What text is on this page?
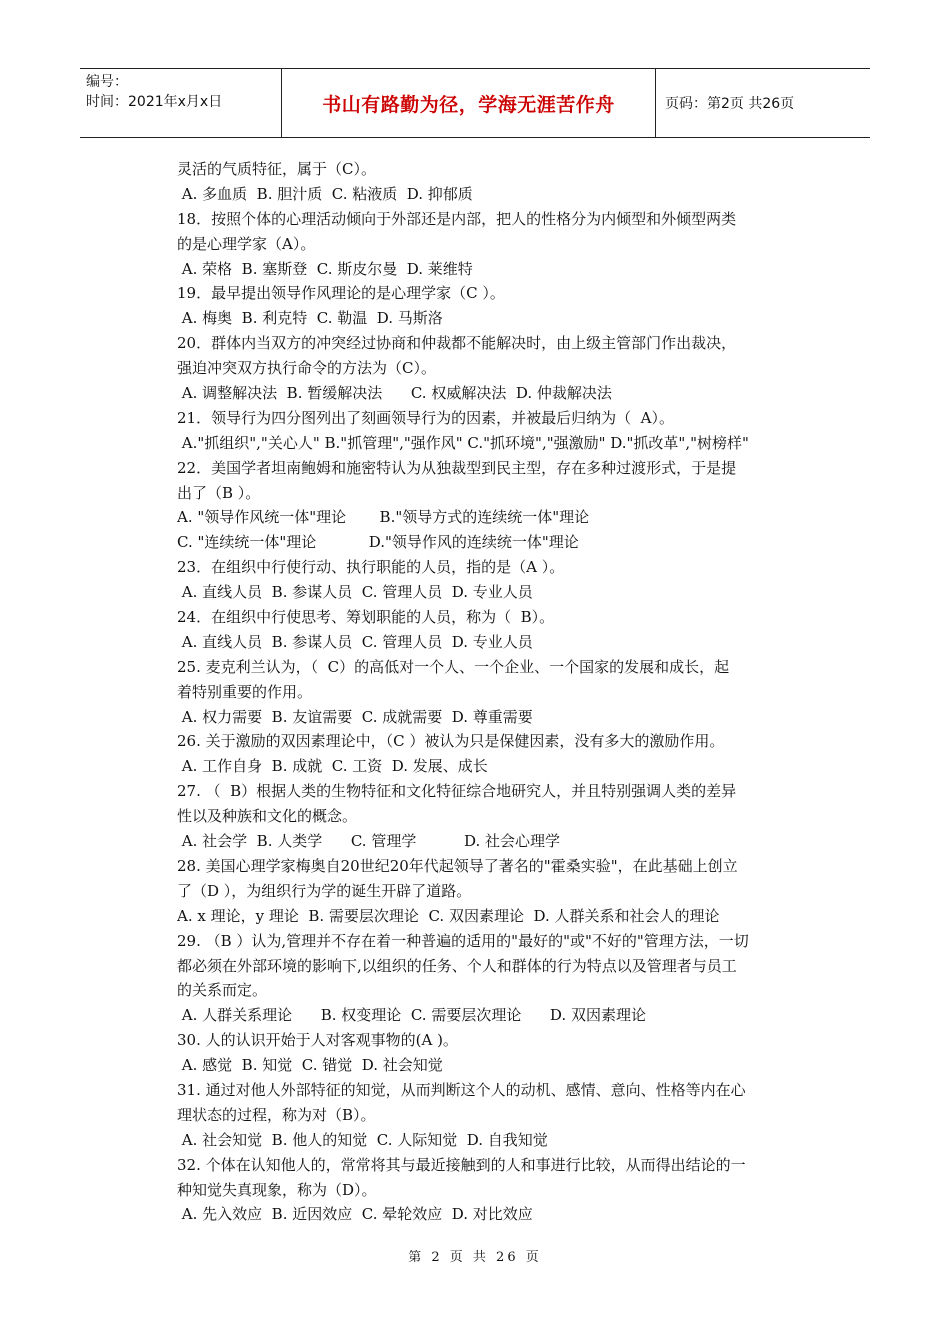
编号：
时间：2021年x月x日	书山有路勤为径，学海无涯苦作舟	页码：第2页 共26页
灵活的气质特征，属于（C）。
A. 多血质  B. 胆汁质  C. 粘液质  D. 抑郁质
18．按照个体的心理活动倾向于外部还是内部，把人的性格分为内倾型和外倾型两类
的是心理学家（A）。
A. 荣格  B. 塞斯登  C. 斯皮尔曼  D. 莱维特
19．最早提出领导作风理论的是心理学家（C ）。
A. 梅奥  B. 利克特  C. 勒温  D. 马斯洛
20．群体内当双方的冲突经过协商和仲裁都不能解决时，由上级主管部门作出裁决，
强迫冲突双方执行命令的方法为（C）。
A. 调整解决法  B. 暂缓解决法      C. 权威解决法  D. 仲裁解决法
21．领导行为四分图列出了刻画领导行为的因素，并被最后归纳为（  A）。
A."抓组织","关心人" B."抓管理","强作风" C."抓环境","强激励" D."抓改革","树榜样"
22．美国学者坦南鲍姆和施密特认为从独裁型到民主型，存在多种过渡形式，于是提
出了（B ）。
A. "领导作风统一体"理论       B."领导方式的连续统一体"理论
C. "连续统一体"理论           D."领导作风的连续统一体"理论
23．在组织中行使行动、执行职能的人员，指的是（A ）。
A. 直线人员  B. 参谋人员  C. 管理人员  D. 专业人员
24．在组织中行使思考、筹划职能的人员，称为（  B）。
A. 直线人员  B. 参谋人员  C. 管理人员  D. 专业人员
25. 麦克利兰认为，（  C）的高低对一个人、一个企业、一个国家的发展和成长，起
着特别重要的作用。
A. 权力需要  B. 友谊需要  C. 成就需要  D. 尊重需要
26. 关于激励的双因素理论中，（C ）被认为只是保健因素，没有多大的激励作用。
A. 工作自身  B. 成就  C. 工资  D. 发展、成长
27. （  B）根据人类的生物特征和文化特征综合地研究人，并且特别强调人类的差异
性以及种族和文化的概念。
A. 社会学  B. 人类学      C. 管理学          D. 社会心理学
28. 美国心理学家梅奥自20世纪20年代起领导了著名的"霍桑实验"，在此基础上创立
了（D ），为组织行为学的诞生开辟了道路。
A. x 理论，y 理论  B. 需要层次理论  C. 双因素理论  D. 人群关系和社会人的理论
29. （B ）认为,管理并不存在着一种普遍的适用的"最好的"或"不好的"管理方法，一切
都必须在外部环境的影响下,以组织的任务、个人和群体的行为特点以及管理者与员工
的关系而定。
A. 人群关系理论      B. 权变理论  C. 需要层次理论      D. 双因素理论
30. 人的认识开始于人对客观事物的(A )。
A. 感觉  B. 知觉  C. 错觉  D. 社会知觉
31. 通过对他人外部特征的知觉，从而判断这个人的动机、感情、意向、性格等内在心
理状态的过程，称为对（B）。
A. 社会知觉  B. 他人的知觉  C. 人际知觉  D. 自我知觉
32. 个体在认知他人的，常常将其与最近接触到的人和事进行比较，从而得出结论的一
种知觉失真现象，称为（D）。
A. 先入效应  B. 近因效应  C. 晕轮效应  D. 对比效应
第 2 页 共 26 页
